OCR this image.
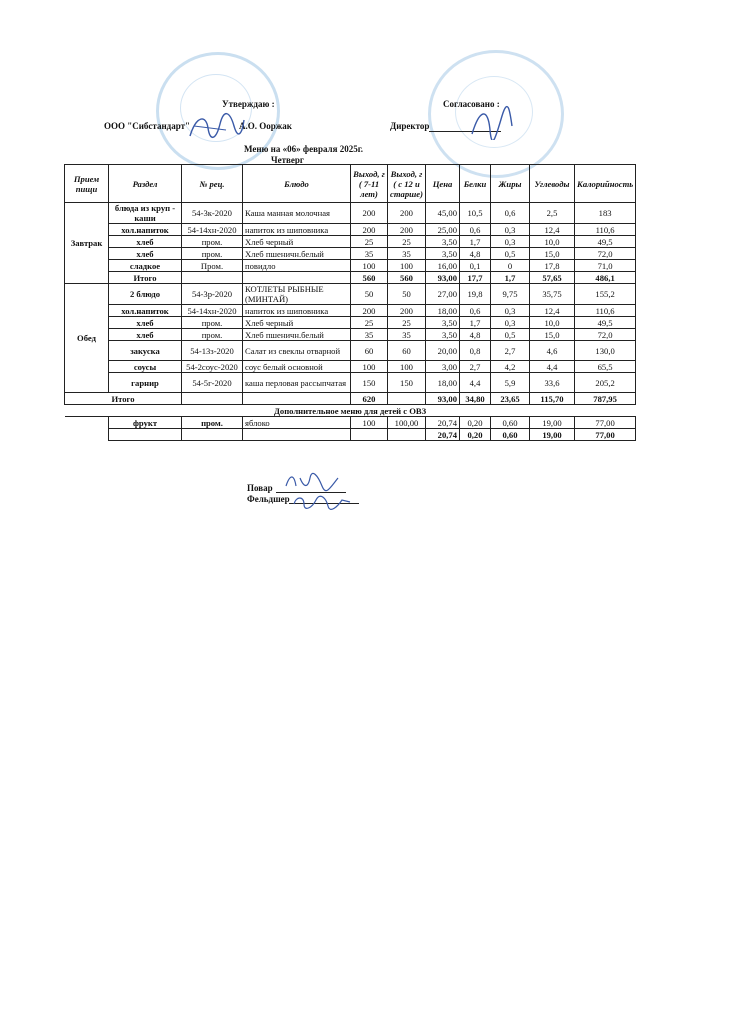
Утверждаю :	Согласовано :
ООО "Сибстандарт"	А.О. Ооржак	Директор
Меню на «06» февраля 2025г.
Четверг
Прием пищи	Раздел	№ рец.	Блюдо	Выход, г ( 7-11 лет)	Выход, г ( с 12 и старше)	Цена	Белки	Жиры	Углеводы	Калорийность
Завтрак	блюда из круп - каши	54-3к-2020	Каша манная молочная	200	200	45,00	10,5	0,6	2,5	183
	хол.напиток	54-14хн-2020	напиток из шиповника	200	200	25,00	0,6	0,3	12,4	110,6
	хлеб	пром.	Хлеб черный	25	25	3,50	1,7	0,3	10,0	49,5
	хлеб	пром.	Хлеб пшеничн.белый	35	35	3,50	4,8	0,5	15,0	72,0
	сладкое	Пром.	повидло	100	100	16,00	0,1	0	17,8	71,0
	Итого			560	560	93,00	17,7	1,7	57,65	486,1
Обед	2 блюдо	54-3р-2020	КОТЛЕТЫ РЫБНЫЕ (МИНТАЙ)	50	50	27,00	19,8	9,75	35,75	155,2
	хол.напиток	54-14хн-2020	напиток из шиповника	200	200	18,00	0,6	0,3	12,4	110,6
	хлеб	пром.	Хлеб черный	25	25	3,50	1,7	0,3	10,0	49,5
	хлеб	пром.	Хлеб пшеничн.белый	35	35	3,50	4,8	0,5	15,0	72,0
	закуска	54-13з-2020	Салат из свеклы отварной	60	60	20,00	0,8	2,7	4,6	130,0
	соусы	54-2соус-2020	соус белый основной	100	100	3,00	2,7	4,2	4,4	65,5
	гарнир	54-5г-2020	каша перловая рассыпчатая	150	150	18,00	4,4	5,9	33,6	205,2
Итого				620		93,00	34,80	23,65	115,70	787,95
Дополнительное меню для детей с ОВЗ										
	фрукт	пром.	яблоко	100	100,00	20,74	0,20	0,60	19,00	77,00
						20,74	0,20	0,60	19,00	77,00
Повар
Фельдшер
